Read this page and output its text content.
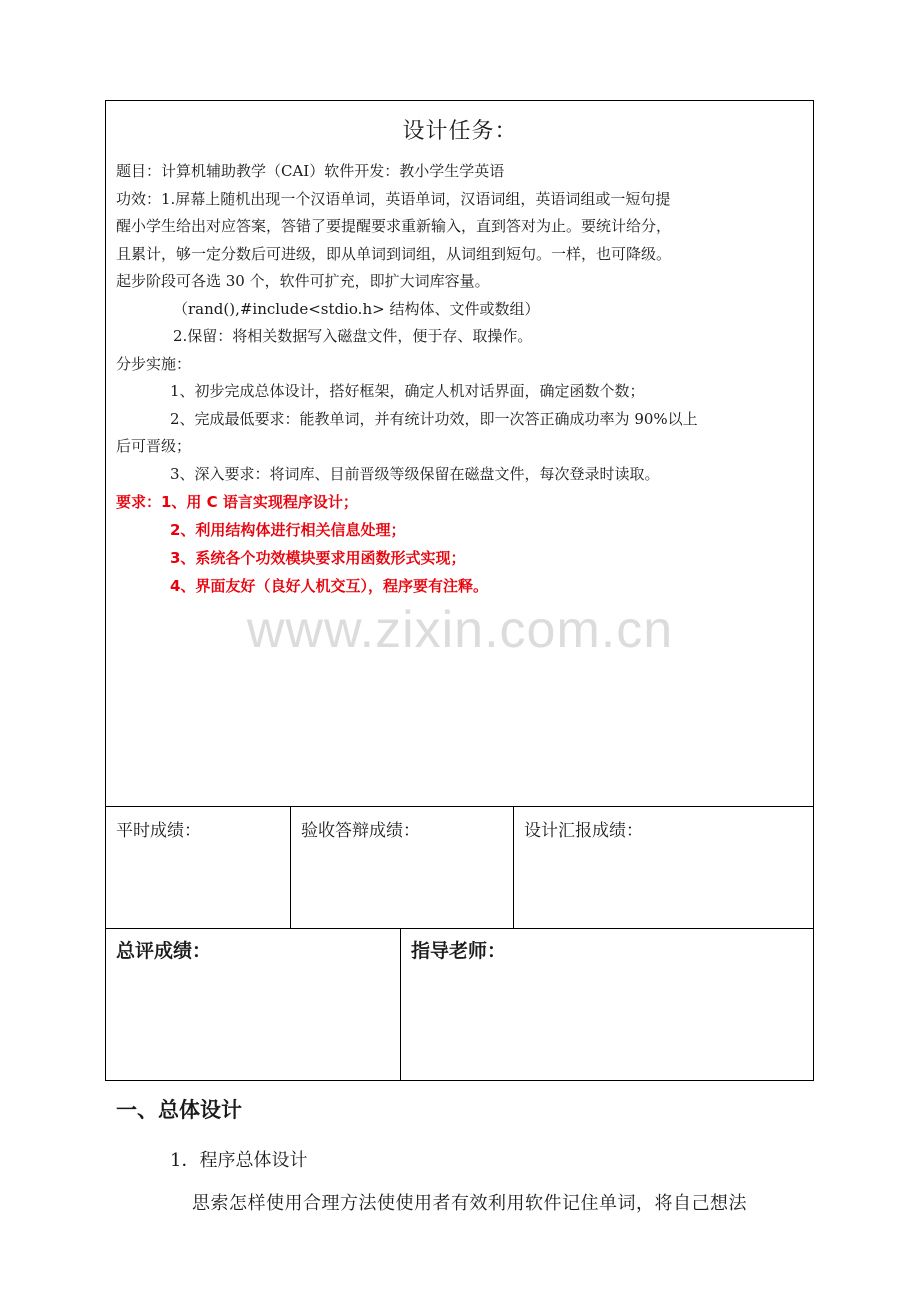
设计任务：

题目：计算机辅助教学（CAI）软件开发：教小学生学英语

功效：1.屏幕上随机出现一个汉语单词，英语单词，汉语词组，英语词组或一短句提

醒小学生给出对应答案，答错了要提醒要求重新输入，直到答对为止。要统计给分，

且累计，够一定分数后可进级，即从单词到词组，从词组到短句。一样，也可降级。

起步阶段可各选 30 个，软件可扩充，即扩大词库容量。

（rand(),#include<stdio.h> 结构体、文件或数组）

2.保留：将相关数据写入磁盘文件，便于存、取操作。

分步实施：

1、初步完成总体设计，搭好框架，确定人机对话界面，确定函数个数；

2、完成最低要求：能教单词，并有统计功效，即一次答正确成功率为 90%以上

后可晋级；

3、深入要求：将词库、目前晋级等级保留在磁盘文件，每次登录时读取。

要求：1、用 C 语言实现程序设计；

2、利用结构体进行相关信息处理；

3、系统各个功效模块要求用函数形式实现；

4、界面友好（良好人机交互），程序要有注释。

www.zixin.com.cn
平时成绩：	验收答辩成绩：	设计汇报成绩：
总评成绩：	指导老师：
一、总体设计
1．程序总体设计
思索怎样使用合理方法使使用者有效利用软件记住单词，将自己想法
